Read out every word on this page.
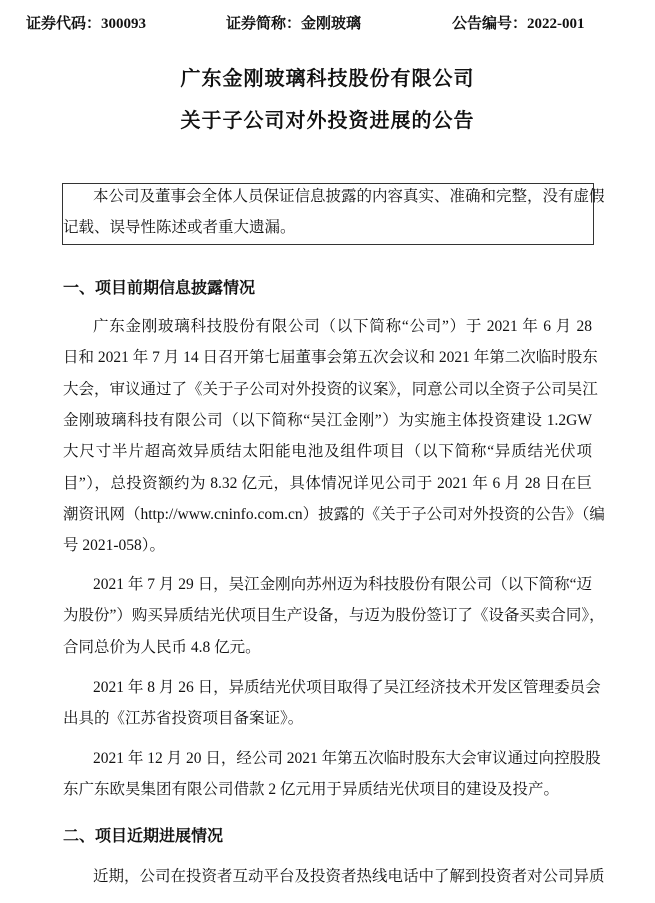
证券代码：300093	证券简称：金刚玻璃	公告编号：2022-001
广东金刚玻璃科技股份有限公司
关于子公司对外投资进展的公告
本公司及董事会全体人员保证信息披露的内容真实、准确和完整，没有虚假
记载、误导性陈述或者重大遗漏。
一、项目前期信息披露情况
广东金刚玻璃科技股份有限公司（以下简称“公司”）于 2021 年 6 月 28
日和 2021 年 7 月 14 日召开第七届董事会第五次会议和 2021 年第二次临时股东
大会，审议通过了《关于子公司对外投资的议案》，同意公司以全资子公司吴江
金刚玻璃科技有限公司（以下简称“吴江金刚”）为实施主体投资建设 1.2GW
大尺寸半片超高效异质结太阳能电池及组件项目（以下简称“异质结光伏项
目”），总投资额约为 8.32 亿元，具体情况详见公司于 2021 年 6 月 28 日在巨
潮资讯网（http://www.cninfo.com.cn）披露的《关于子公司对外投资的公告》（编
号 2021-058）。
2021 年 7 月 29 日，吴江金刚向苏州迈为科技股份有限公司（以下简称“迈
为股份”）购买异质结光伏项目生产设备，与迈为股份签订了《设备买卖合同》，
合同总价为人民币 4.8 亿元。
2021 年 8 月 26 日，异质结光伏项目取得了吴江经济技术开发区管理委员会
出具的《江苏省投资项目备案证》。
2021 年 12 月 20 日，经公司 2021 年第五次临时股东大会审议通过向控股股
东广东欧昊集团有限公司借款 2 亿元用于异质结光伏项目的建设及投产。
二、项目近期进展情况
近期，公司在投资者互动平台及投资者热线电话中了解到投资者对公司异质
